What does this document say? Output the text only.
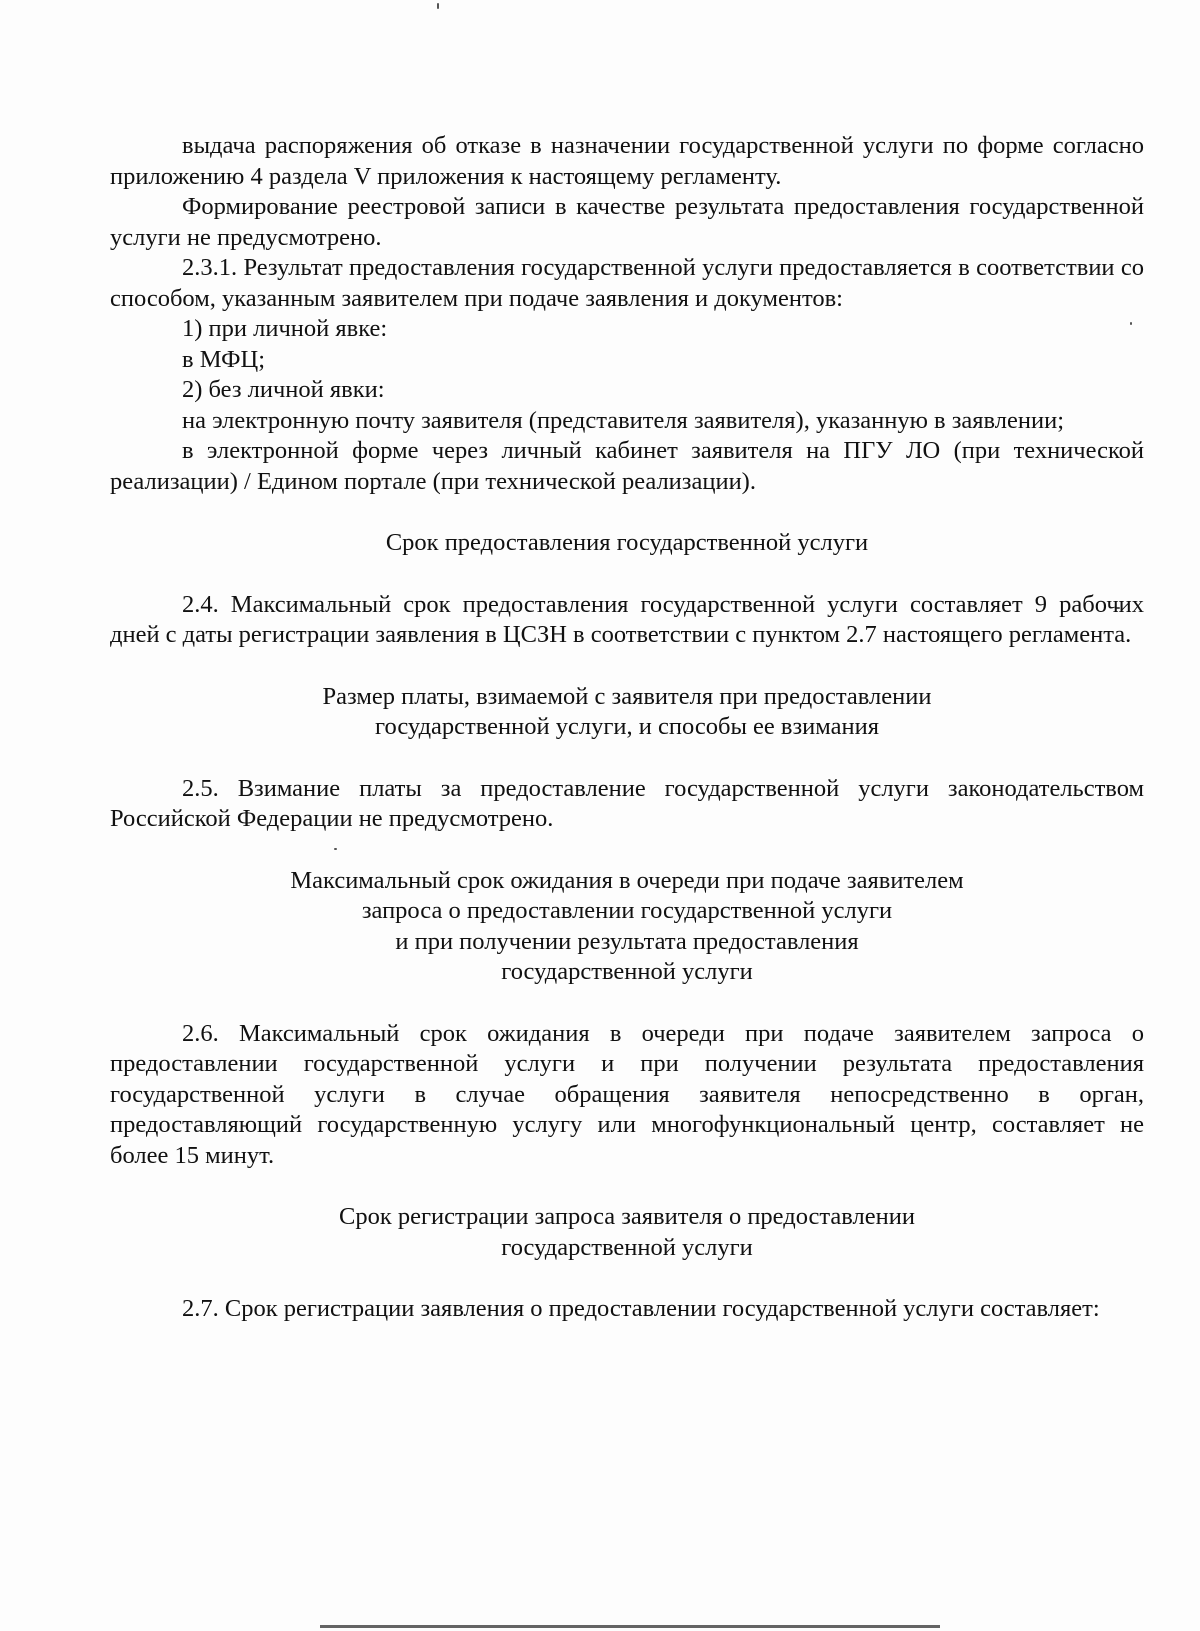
выдача распоряжения об отказе в назначении государственной услуги по форме согласно приложению 4 раздела V приложения к настоящему регламенту.

Формирование реестровой записи в качестве результата предоставления государственной услуги не предусмотрено.

2.3.1. Результат предоставления государственной услуги предоставляется в соответствии со способом, указанным заявителем при подаче заявления и документов:

1) при личной явке:

в МФЦ;

2) без личной явки:

на электронную почту заявителя (представителя заявителя), указанную в заявлении;

в электронной форме через личный кабинет заявителя на ПГУ ЛО (при технической реализации) / Едином портале (при технической реализации).

Срок предоставления государственной услуги

2.4. Максимальный срок предоставления государственной услуги составляет 9 рабочих дней с даты регистрации заявления в ЦСЗН в соответствии с пунктом 2.7 настоящего регламента.

Размер платы, взимаемой с заявителя при предоставлении

государственной услуги, и способы ее взимания

2.5. Взимание платы за предоставление государственной услуги законодательством Российской Федерации не предусмотрено.

Максимальный срок ожидания в очереди при подаче заявителем

запроса о предоставлении государственной услуги

и при получении результата предоставления

государственной услуги

2.6. Максимальный срок ожидания в очереди при подаче заявителем запроса о предоставлении государственной услуги и при получении результата предоставления государственной услуги в случае обращения заявителя непосредственно в орган, предоставляющий государственную услугу или многофункциональный центр, составляет не более 15 минут.

Срок регистрации запроса заявителя о предоставлении

государственной услуги

2.7. Срок регистрации заявления о предоставлении государственной услуги составляет:
